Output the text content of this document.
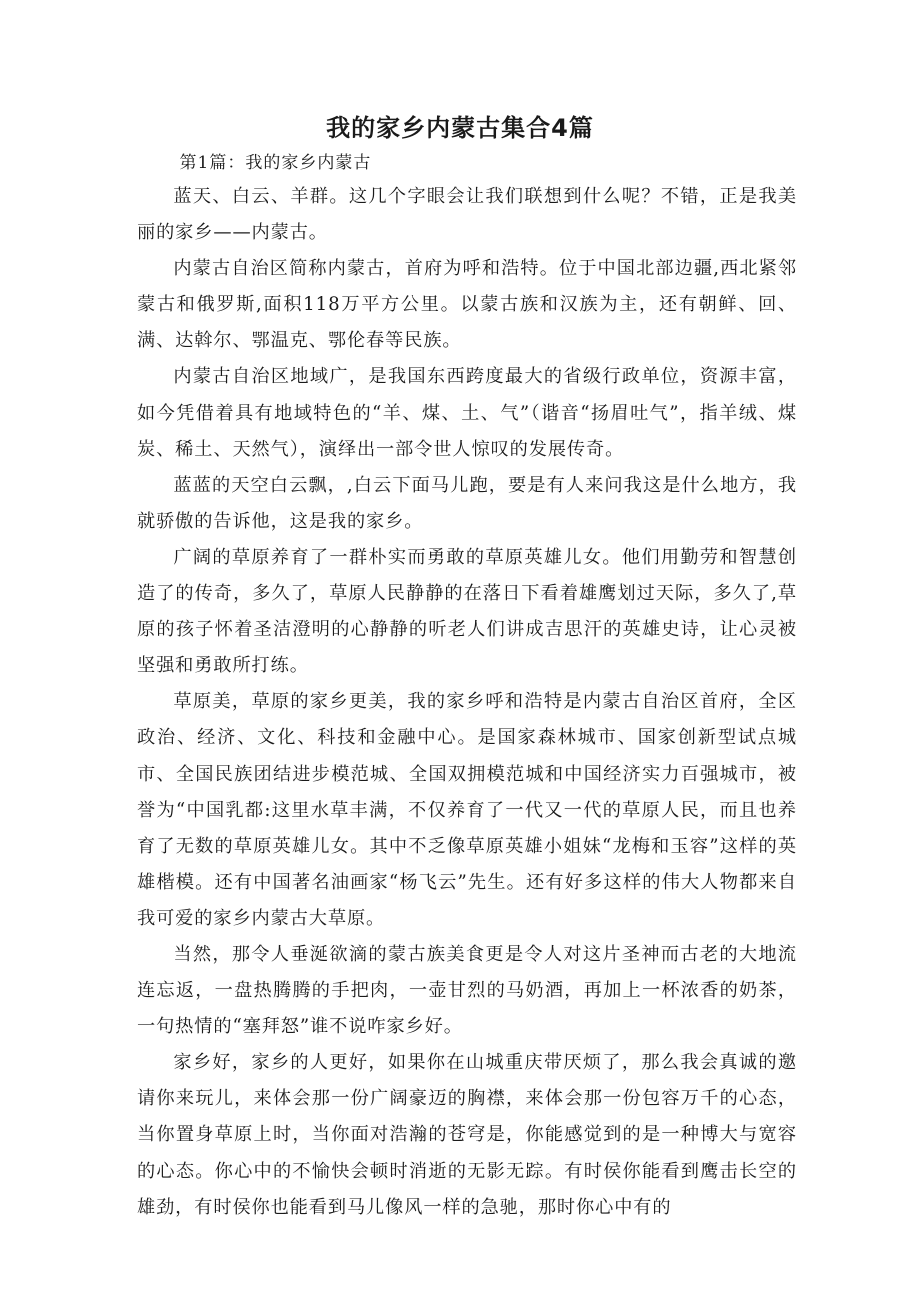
我的家乡内蒙古集合4篇

第1篇：我的家乡内蒙古

蓝天、白云、羊群。这几个字眼会让我们联想到什么呢？不错，正是我美丽的家乡——内蒙古。

内蒙古自治区简称内蒙古，首府为呼和浩特。位于中国北部边疆,西北紧邻蒙古和俄罗斯,面积118万平方公里。以蒙古族和汉族为主，还有朝鲜、回、满、达斡尔、鄂温克、鄂伦春等民族。

内蒙古自治区地域广，是我国东西跨度最大的省级行政单位，资源丰富，如今凭借着具有地域特色的“羊、煤、土、气”（谐音“扬眉吐气”，指羊绒、煤炭、稀土、天然气），演绎出一部令世人惊叹的发展传奇。

蓝蓝的天空白云飘，,白云下面马儿跑，要是有人来问我这是什么地方，我就骄傲的告诉他，这是我的家乡。

广阔的草原养育了一群朴实而勇敢的草原英雄儿女。他们用勤劳和智慧创造了的传奇，多久了，草原人民静静的在落日下看着雄鹰划过天际，多久了,草原的孩子怀着圣洁澄明的心静静的听老人们讲成吉思汗的英雄史诗，让心灵被坚强和勇敢所打练。

草原美，草原的家乡更美，我的家乡呼和浩特是内蒙古自治区首府，全区政治、经济、文化、科技和金融中心。是国家森林城市、国家创新型试点城市、全国民族团结进步模范城、全国双拥模范城和中国经济实力百强城市，被誉为“中国乳都:这里水草丰满，不仅养育了一代又一代的草原人民，而且也养育了无数的草原英雄儿女。其中不乏像草原英雄小姐妹“龙梅和玉容”这样的英雄楷模。还有中国著名油画家“杨飞云”先生。还有好多这样的伟大人物都来自我可爱的家乡内蒙古大草原。

当然，那令人垂涎欲滴的蒙古族美食更是令人对这片圣神而古老的大地流连忘返，一盘热腾腾的手把肉，一壶甘烈的马奶酒，再加上一杯浓香的奶茶，一句热情的“塞拜怒”谁不说咋家乡好。

家乡好，家乡的人更好，如果你在山城重庆带厌烦了，那么我会真诚的邀请你来玩儿，来体会那一份广阔豪迈的胸襟，来体会那一份包容万千的心态，当你置身草原上时，当你面对浩瀚的苍穹是，你能感觉到的是一种博大与宽容的心态。你心中的不愉快会顿时消逝的无影无踪。有时侯你能看到鹰击长空的雄劲，有时侯你也能看到马儿像风一样的急驰，那时你心中有的
